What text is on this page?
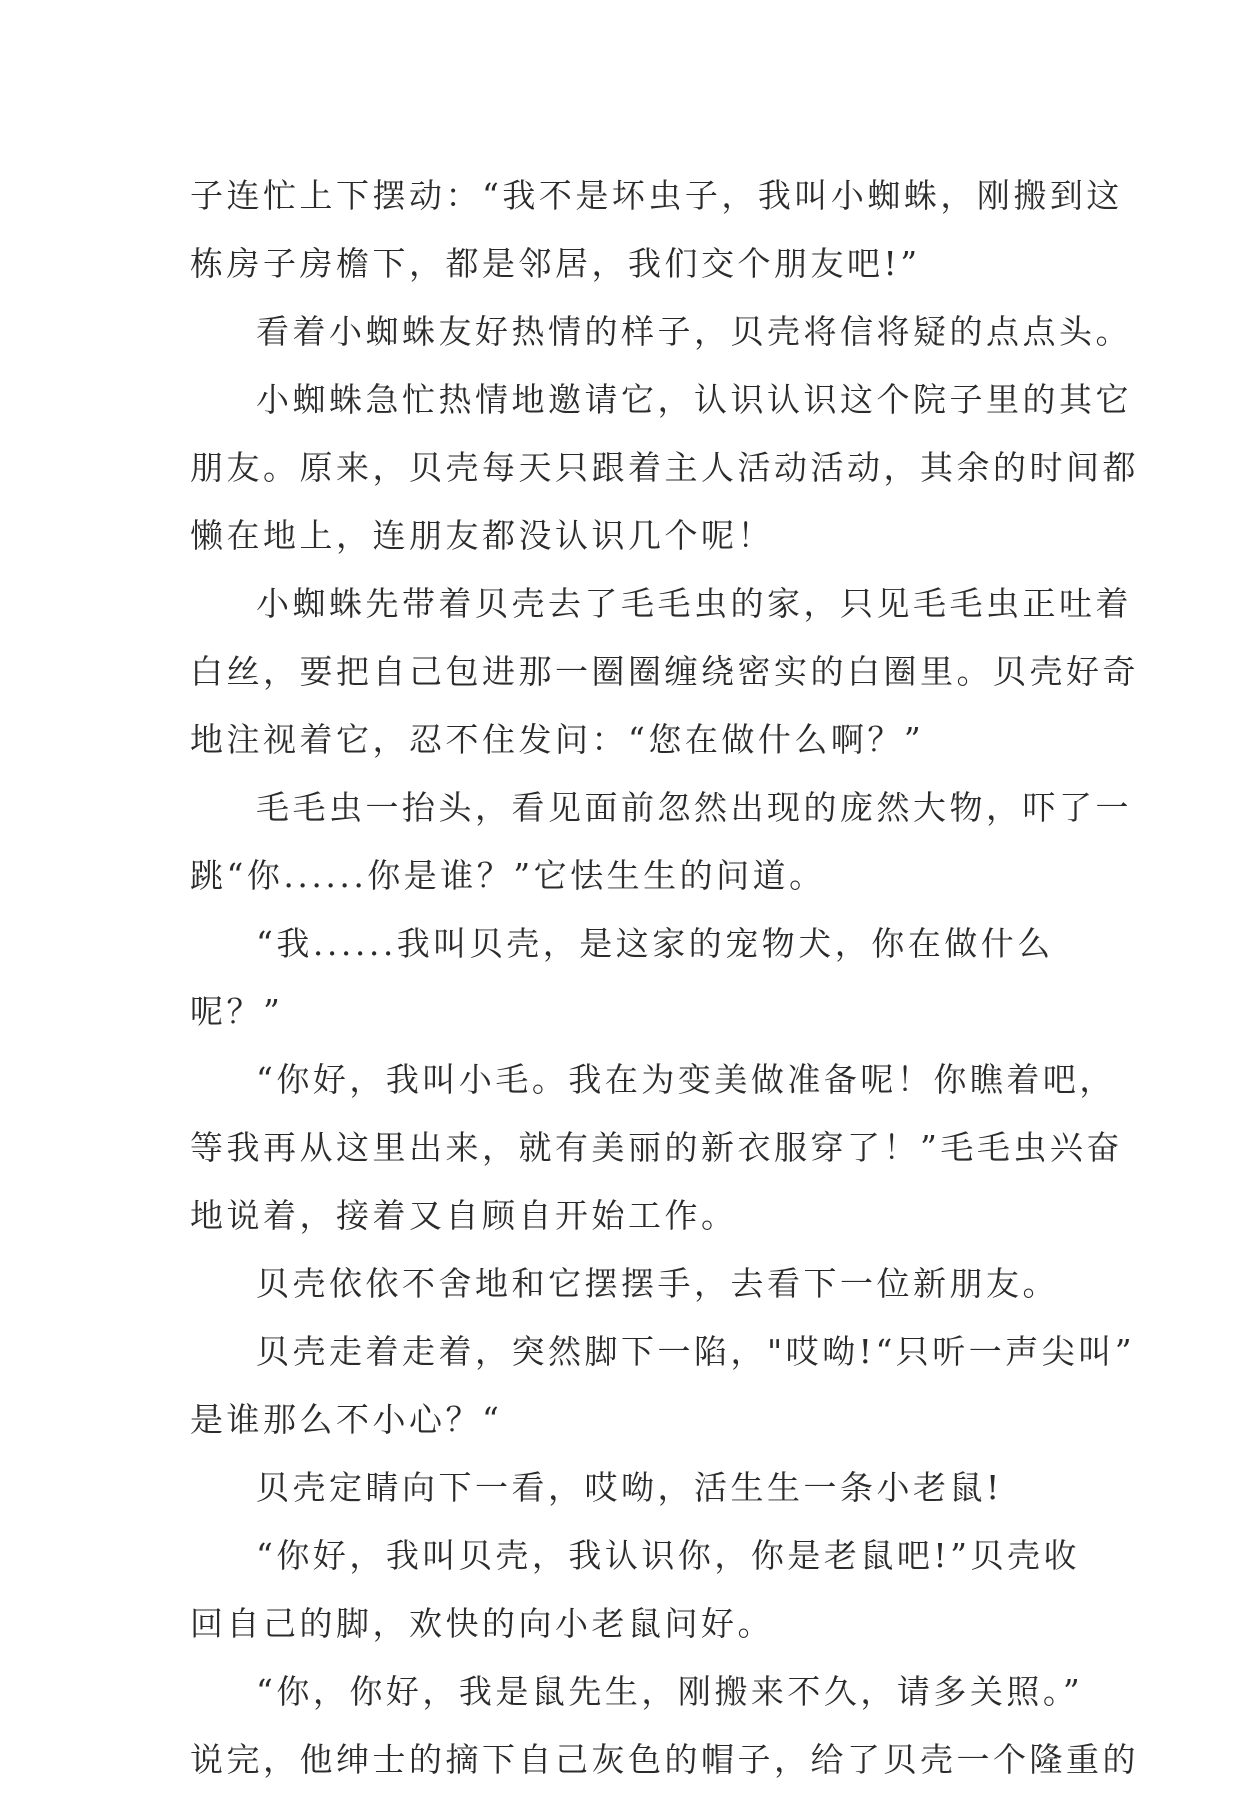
子连忙上下摆动：“我不是坏虫子，我叫小蜘蛛，刚搬到这
栋房子房檐下，都是邻居，我们交个朋友吧!”
看着小蜘蛛友好热情的样子，贝壳将信将疑的点点头。
小蜘蛛急忙热情地邀请它，认识认识这个院子里的其它
朋友。原来，贝壳每天只跟着主人活动活动，其余的时间都
懒在地上，连朋友都没认识几个呢！
小蜘蛛先带着贝壳去了毛毛虫的家，只见毛毛虫正吐着
白丝，要把自己包进那一圈圈缠绕密实的白圈里。贝壳好奇
地注视着它，忍不住发问：“您在做什么啊？”
毛毛虫一抬头，看见面前忽然出现的庞然大物，吓了一
跳“你......你是谁？”它怯生生的问道。
“我......我叫贝壳，是这家的宠物犬，你在做什么
呢？”
“你好，我叫小毛。我在为变美做准备呢！你瞧着吧，
等我再从这里出来，就有美丽的新衣服穿了！”毛毛虫兴奋
地说着，接着又自顾自开始工作。
贝壳依依不舍地和它摆摆手，去看下一位新朋友。
贝壳走着走着，突然脚下一陷，"哎呦!“只听一声尖叫”
是谁那么不小心？“
贝壳定睛向下一看，哎呦，活生生一条小老鼠!
“你好，我叫贝壳，我认识你，你是老鼠吧!”贝壳收
回自己的脚，欢快的向小老鼠问好。
“你，你好，我是鼠先生，刚搬来不久，请多关照。”
说完，他绅士的摘下自己灰色的帽子，给了贝壳一个隆重的
